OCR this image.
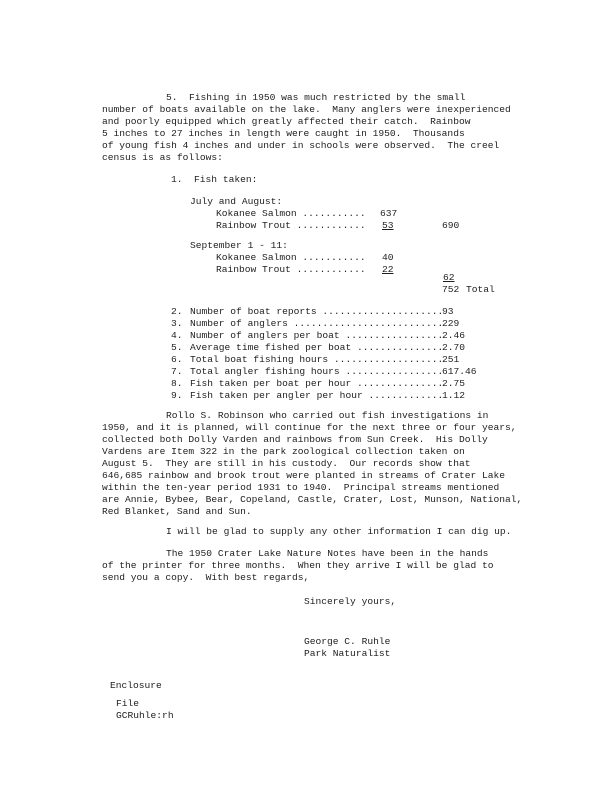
5.  Fishing in 1950 was much restricted by the small
number of boats available on the lake.  Many anglers were inexperienced
and poorly equipped which greatly affected their catch.  Rainbow
5 inches to 27 inches in length were caught in 1950.  Thousands
of young fish 4 inches and under in schools were observed.  The creel
census is as follows:
1.  Fish taken:
July and August:
Kokanee Salmon ........... 637
Rainbow Trout ............ 53	690
September 1 - 11:
Kokanee Salmon ........... 40
Rainbow Trout ............ 22
62
752 Total
2. Number of boat reports .....................
93
3. Number of anglers ..........................
229
4. Number of anglers per boat .................
2.46
5. Average time fished per boat ...............
2.70
6. Total boat fishing hours ...................
251
7. Total angler fishing hours .................
617.46
8. Fish taken per boat per hour ...............
2.75
9. Fish taken per angler per hour .............
1.12
Rollo S. Robinson who carried out fish investigations in
1950, and it is planned, will continue for the next three or four years,
collected both Dolly Varden and rainbows from Sun Creek.  His Dolly
Vardens are Item 322 in the park zoological collection taken on
August 5.  They are still in his custody.  Our records show that
646,685 rainbow and brook trout were planted in streams of Crater Lake
within the ten-year period 1931 to 1940.  Principal streams mentioned
are Annie, Bybee, Bear, Copeland, Castle, Crater, Lost, Munson, National,
Red Blanket, Sand and Sun.
I will be glad to supply any other information I can dig up.
The 1950 Crater Lake Nature Notes have been in the hands
of the printer for three months.  When they arrive I will be glad to
send you a copy.  With best regards,
Sincerely yours,
George C. Ruhle
Park Naturalist
Enclosure
File
GCRuhle:rh
